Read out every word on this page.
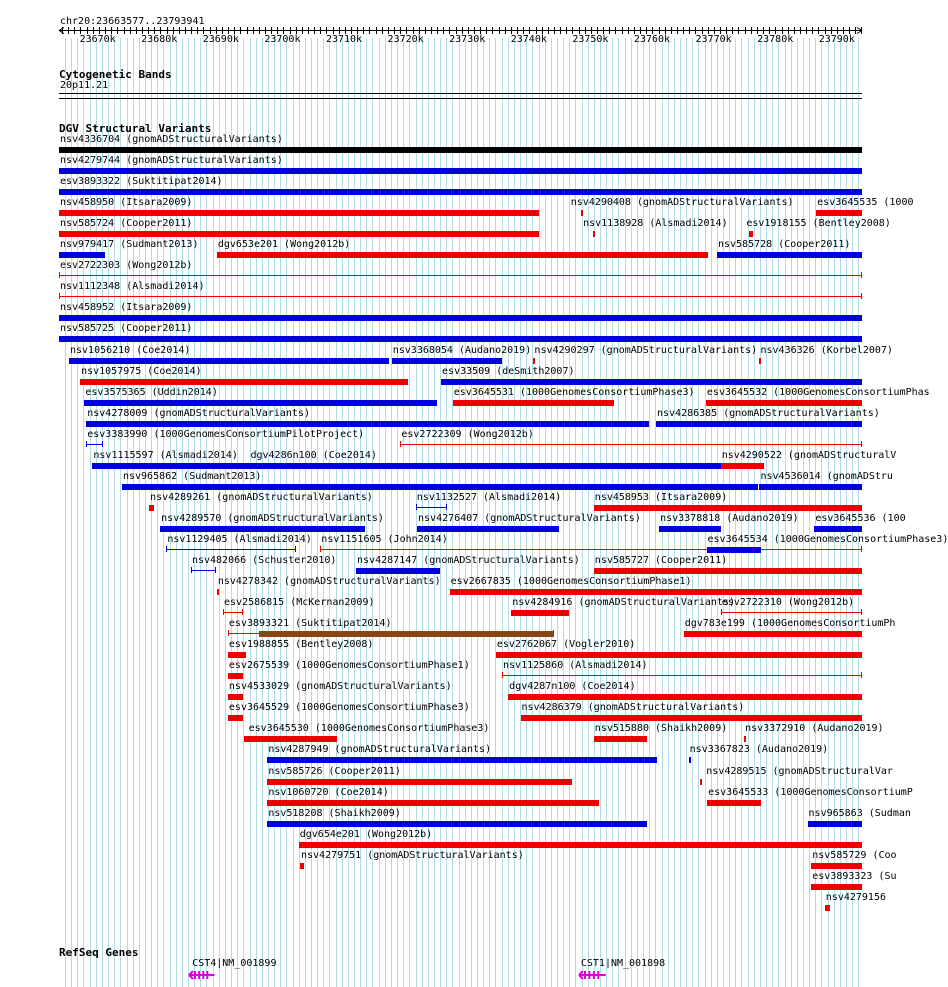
chr20:23663577..23793941
23670k	23680k	23690k	23700k	23710k	23720k	23730k	23740k	23750k	23760k	23770k	23780k	23790k
Cytogenetic Bands
20p11.21
DGV Structural Variants
nsv4336704 (gnomADStructuralVariants)
nsv4279744 (gnomADStructuralVariants)
esv3893322 (Suktitipat2014)
nsv458950 (Itsara2009)	nsv4290408 (gnomADStructuralVariants) esv3645535 (1000
nsv585724 (Cooper2011)	nsv1138928 (Alsmadi2014) esv1918155 (Bentley2008)
nsv979417 (Sudmant2013) dgv653e201 (Wong2012b)	nsv585728 (Cooper2011)
esv2722303 (Wong2012b)
nsv1112348 (Alsmadi2014)
nsv458952 (Itsara2009)
nsv585725 (Cooper2011)
nsv1056210 (Coe2014)	nsv3368054 (Audano2019) nsv4290297 (gnomADStructuralVariants) nsv436326 (Korbel2007)
nsv1057975 (Coe2014)	esv33509 (deSmith2007)
esv3575365 (Uddin2014)	esv3645531 (1000GenomesConsortiumPhase3) esv3645532 (1000GenomesConsortiumPhas
nsv4278009 (gnomADStructuralVariants)	nsv4286385 (gnomADStructuralVariants)
esv3383990 (1000GenomesConsortiumPilotProject)	esv2722309 (Wong2012b)
nsv1115597 (Alsmadi2014) dgv4286n100 (Coe2014)	nsv4290522 (gnomADStructuralV
nsv965862 (Sudmant2013)	nsv4536014 (gnomADStru
nsv4289261 (gnomADStructuralVariants)	nsv1132527 (Alsmadi2014)	nsv458953 (Itsara2009)
nsv4289570 (gnomADStructuralVariants)	nsv4276407 (gnomADStructuralVariants) nsv3378818 (Audano2019) esv3645536 (100
nsv1129405 (Alsmadi2014) nsv1151605 (John2014)	esv3645534 (1000GenomesConsortiumPhase3)
nsv482066 (Schuster2010) nsv4287147 (gnomADStructuralVariants) nsv585727 (Cooper2011)
nsv4278342 (gnomADStructuralVariants) esv2667835 (1000GenomesConsortiumPhase1)
esv2586815 (McKernan2009)	nsv4284916 (gnomADStructuralVariants)
esv2722310 (Wong2012b)
esv3893321 (Suktitipat2014)	dgv783e199 (1000GenomesConsortiumPh
esv1988855 (Bentley2008)	esv2762067 (Vogler2010)
esv2675539 (1000GenomesConsortiumPhase1)	nsv1125860 (Alsmadi2014)
nsv4533029 (gnomADStructuralVariants)	dgv4287n100 (Coe2014)
esv3645529 (1000GenomesConsortiumPhase3)	nsv4286379 (gnomADStructuralVariants)
esv3645530 (1000GenomesConsortiumPhase3)	nsv515880 (Shaikh2009) nsv3372910 (Audano2019)
nsv4287949 (gnomADStructuralVariants)	nsv3367823 (Audano2019)
nsv585726 (Cooper2011)	nsv4289515 (gnomADStructuralVar
nsv1060720 (Coe2014)	esv3645533 (1000GenomesConsortiumP
nsv518208 (Shaikh2009)	nsv965863 (Sudman
dgv654e201 (Wong2012b)
nsv4279751 (gnomADStructuralVariants)	nsv585729 (Coo
esv3893323 (Su
nsv4279156
RefSeq Genes
CST4|NM_001899	CST1|NM_001898
